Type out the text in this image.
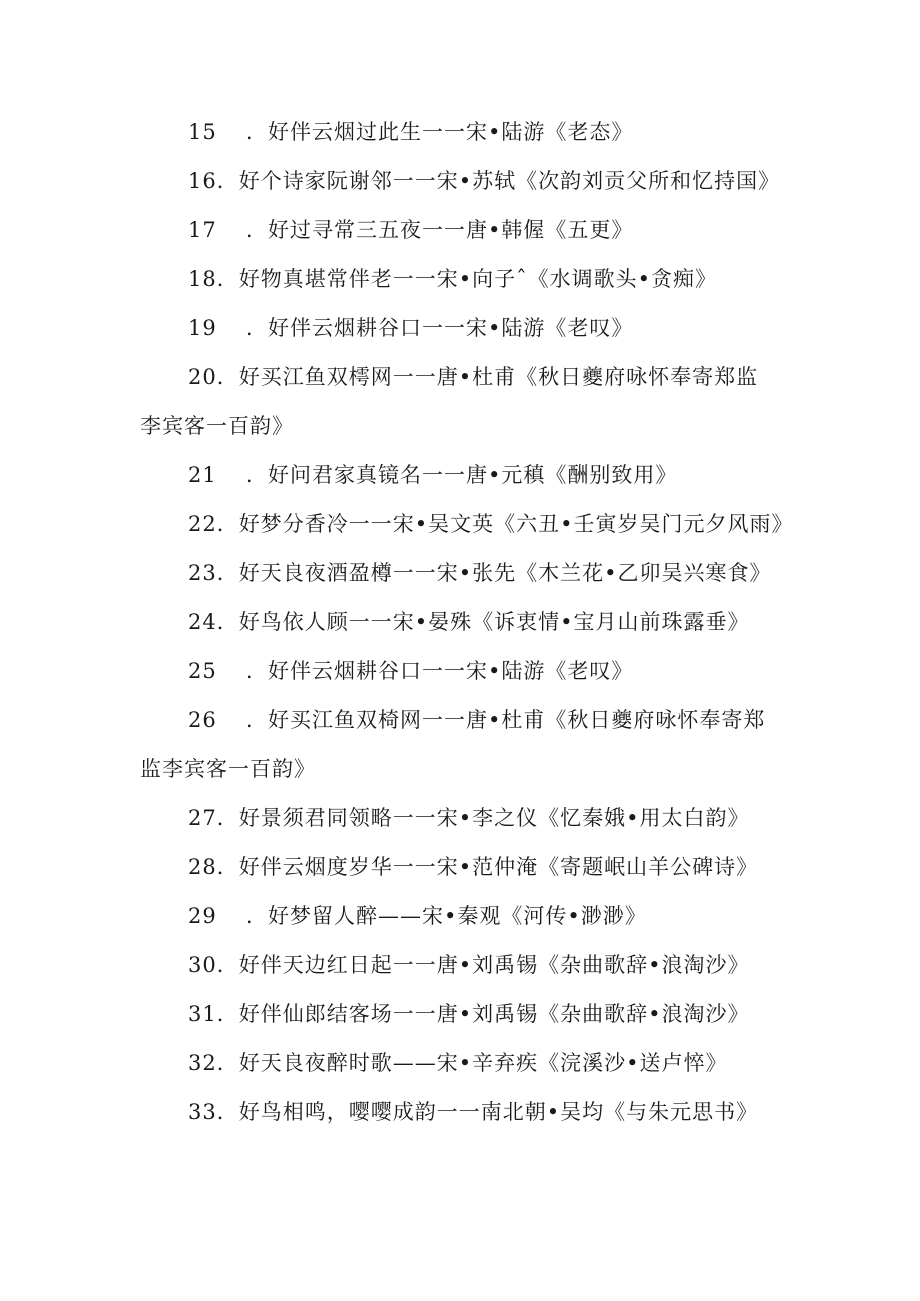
15 ．好伴云烟过此生一一宋•陆游《老态》
16．好个诗家阮谢邻一一宋•苏轼《次韵刘贡父所和忆持国》
17 ．好过寻常三五夜一一唐•韩偓《五更》
18．好物真堪常伴老一一宋•向子ˆ《水调歌头•贪痴》
19 ．好伴云烟耕谷口一一宋•陆游《老叹》
20．好买江鱼双樗网一一唐•杜甫《秋日夔府咏怀奉寄郑监
李宾客一百韵》
21 ．好问君家真镜名一一唐•元稹《酬别致用》
22．好梦分香冷一一宋•吴文英《六丑•壬寅岁吴门元夕风雨》
23．好天良夜酒盈樽一一宋•张先《木兰花•乙卯吴兴寒食》
24．好鸟依人顾一一宋•晏殊《诉衷情•宝月山前珠露垂》
25 ．好伴云烟耕谷口一一宋•陆游《老叹》
26 ．好买江鱼双椅网一一唐•杜甫《秋日夔府咏怀奉寄郑
监李宾客一百韵》
27．好景须君同领略一一宋•李之仪《忆秦娥•用太白韵》
28．好伴云烟度岁华一一宋•范仲淹《寄题岷山羊公碑诗》
29 ．好梦留人醉——宋•秦观《河传•渺渺》
30．好伴天边红日起一一唐•刘禹锡《杂曲歌辞•浪淘沙》
31．好伴仙郎结客场一一唐•刘禹锡《杂曲歌辞•浪淘沙》
32．好天良夜醉时歌——宋•辛弃疾《浣溪沙•送卢悴》
33．好鸟相鸣，嘤嘤成韵一一南北朝•吴均《与朱元思书》
